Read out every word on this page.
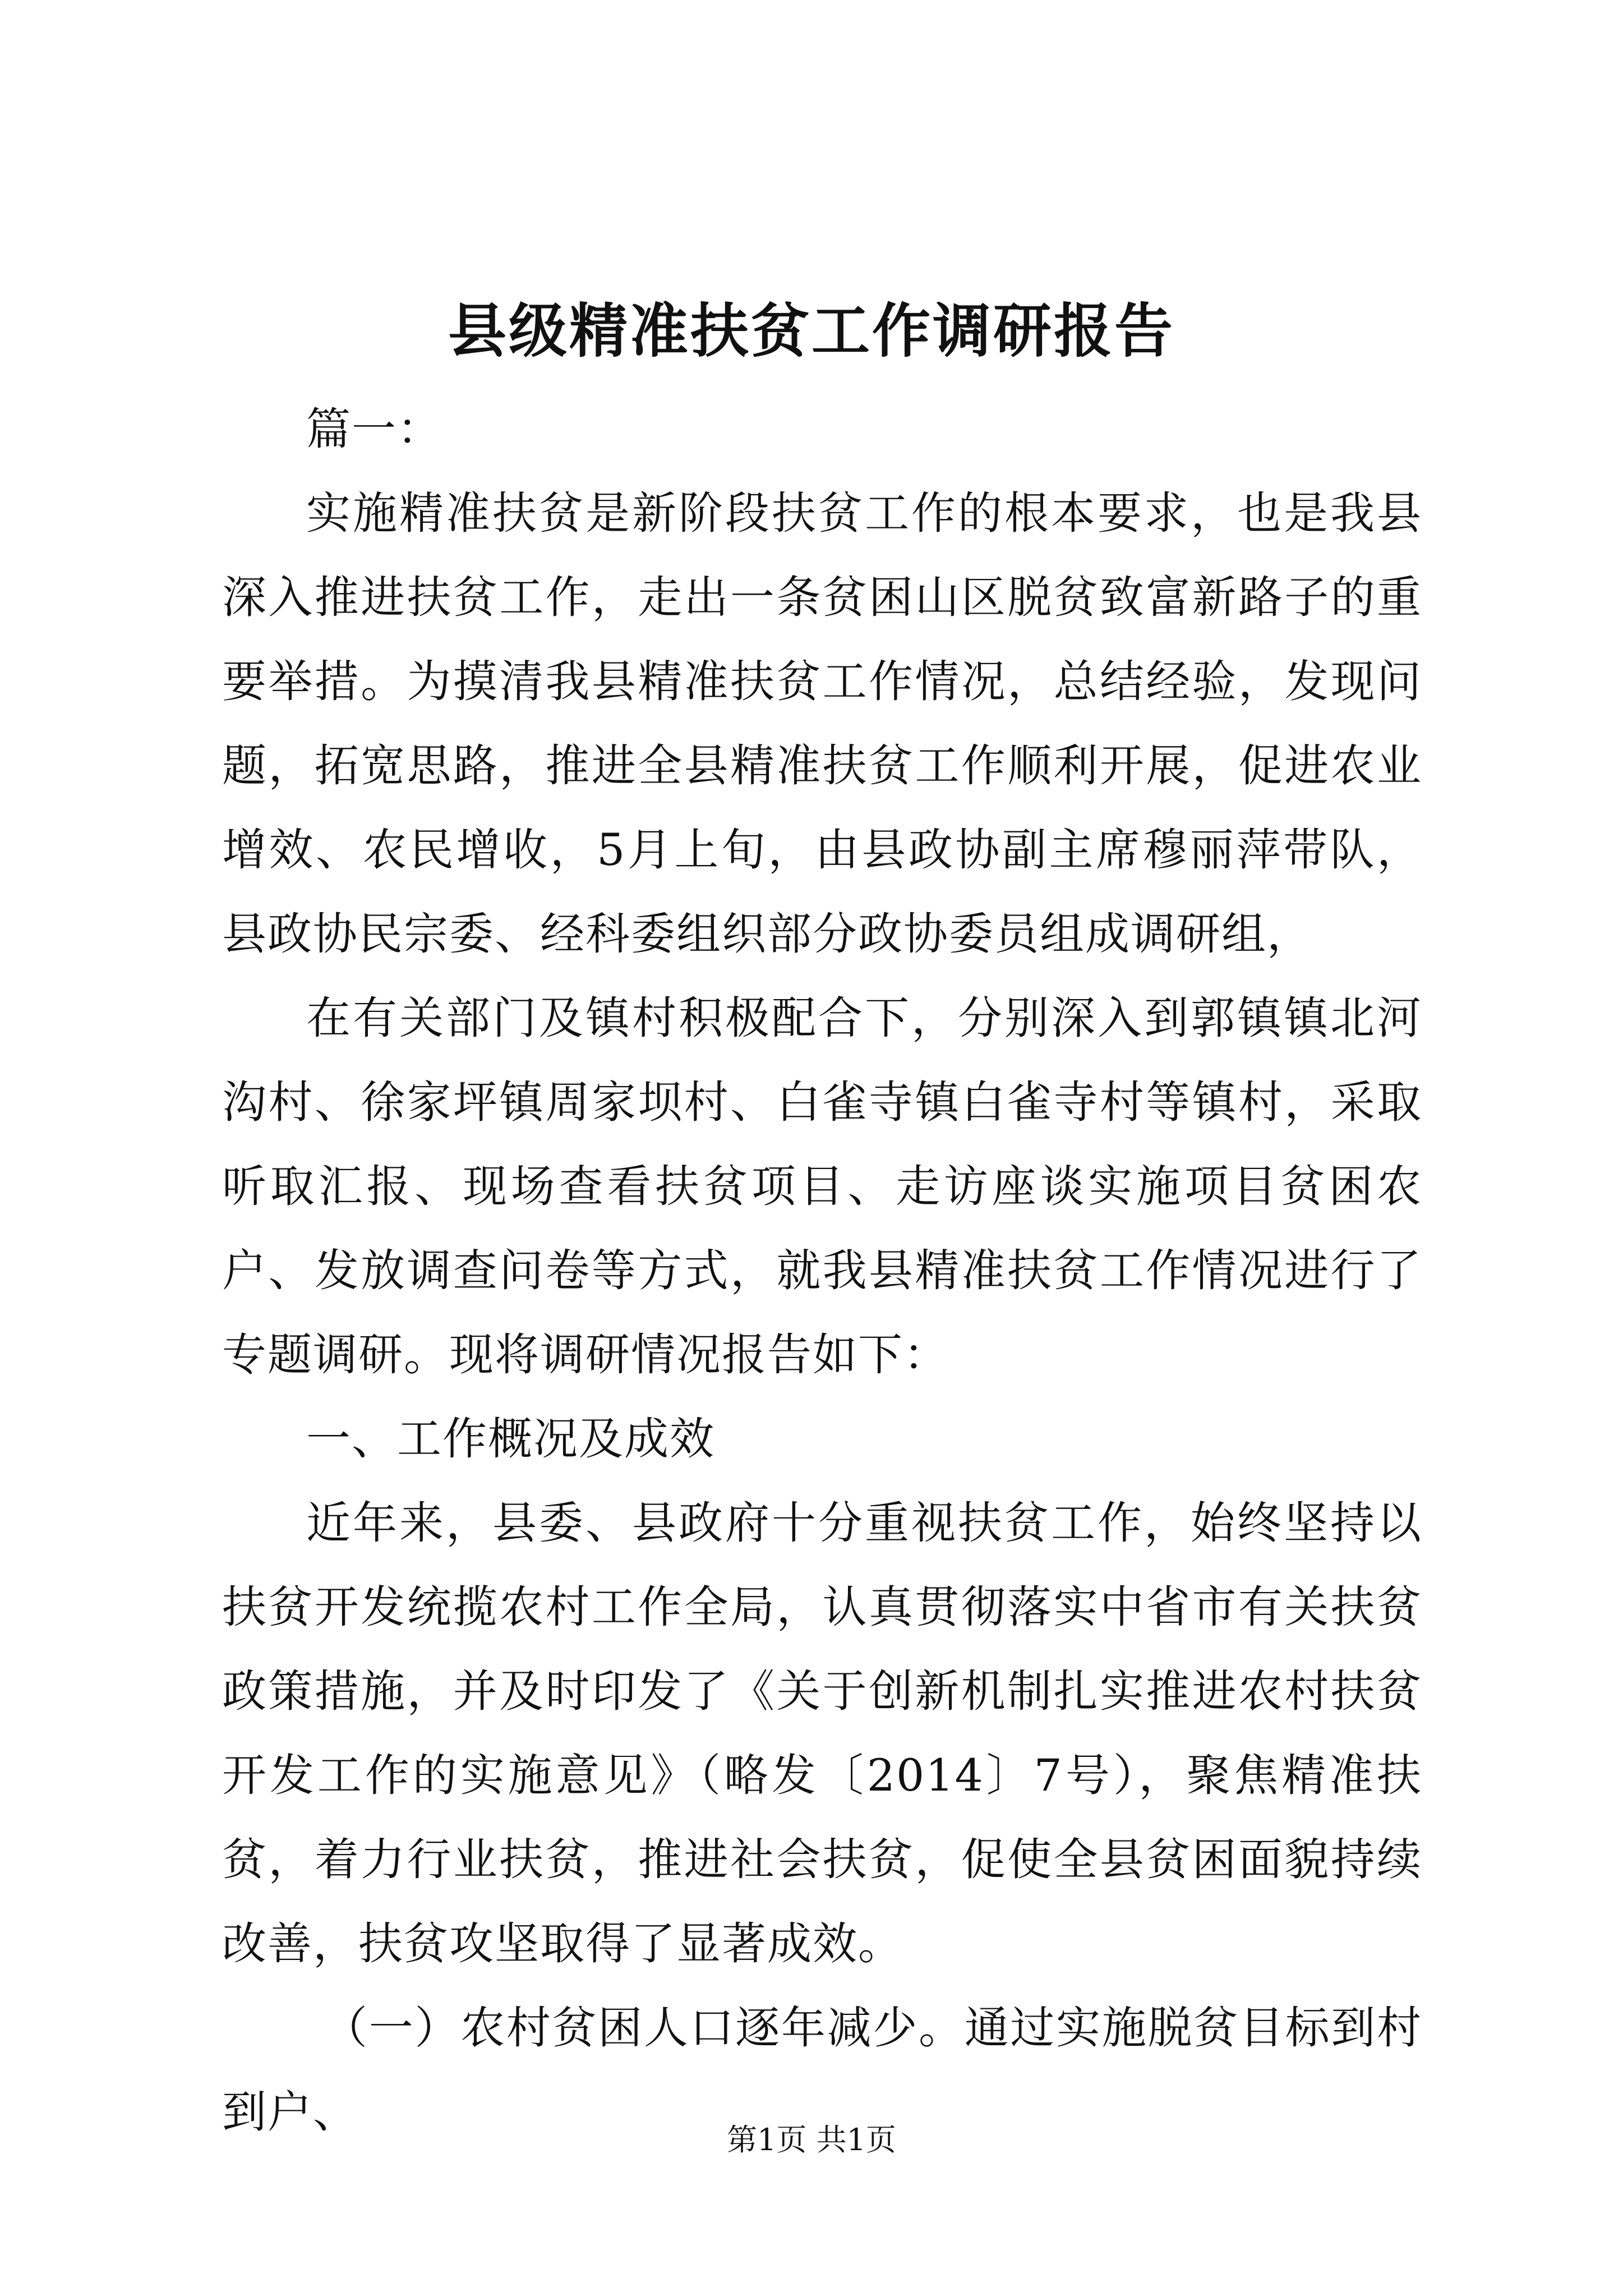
县级精准扶贫工作调研报告

篇一：

实施精准扶贫是新阶段扶贫工作的根本要求，也是我县深入推进扶贫工作，走出一条贫困山区脱贫致富新路子的重要举措。为摸清我县精准扶贫工作情况，总结经验，发现问题，拓宽思路，推进全县精准扶贫工作顺利开展，促进农业增效、农民增收，5月上旬，由县政协副主席穆丽萍带队，县政协民宗委、经科委组织部分政协委员组成调研组，

在有关部门及镇村积极配合下，分别深入到郭镇镇北河沟村、徐家坪镇周家坝村、白雀寺镇白雀寺村等镇村，采取听取汇报、现场查看扶贫项目、走访座谈实施项目贫困农户、发放调查问卷等方式，就我县精准扶贫工作情况进行了专题调研。现将调研情况报告如下：

一、工作概况及成效

近年来，县委、县政府十分重视扶贫工作，始终坚持以扶贫开发统揽农村工作全局，认真贯彻落实中省市有关扶贫政策措施，并及时印发了《关于创新机制扎实推进农村扶贫开发工作的实施意见》（略发〔2014〕7号），聚焦精准扶贫，着力行业扶贫，推进社会扶贫，促使全县贫困面貌持续改善，扶贫攻坚取得了显著成效。

（一）农村贫困人口逐年减少。通过实施脱贫目标到村到户、

第1页 共1页
